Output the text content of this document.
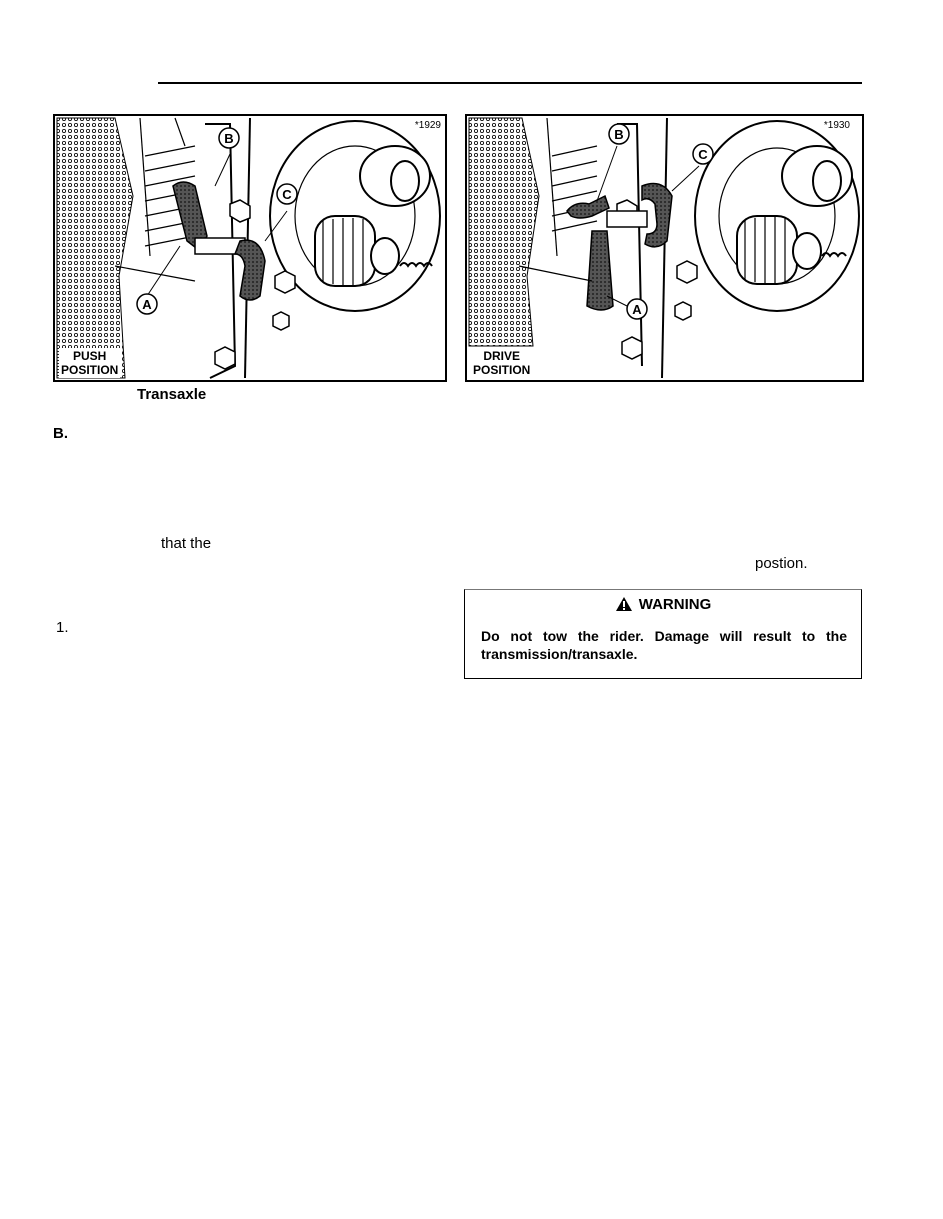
B
C
A
*1929
PUSH
POSITION
B
C
A
*1930
DRIVE
POSITION
Transaxle
B.
that the
postion.
1.
WARNING
Do not tow the rider. Damage will result to the transmission/transaxle.
